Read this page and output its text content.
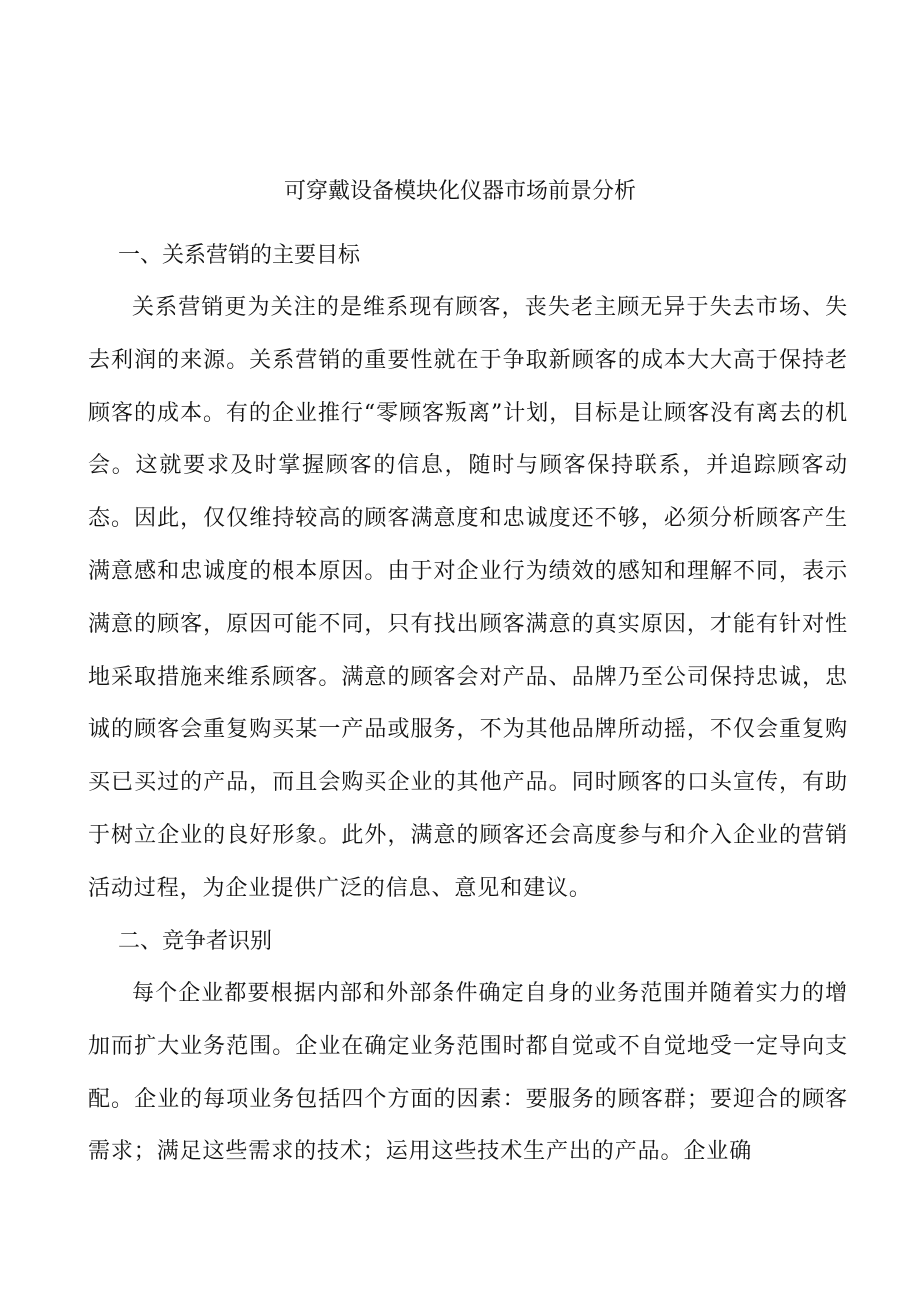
可穿戴设备模块化仪器市场前景分析
一、关系营销的主要目标

关系营销更为关注的是维系现有顾客，丧失老主顾无异于失去市场、失去利润的来源。关系营销的重要性就在于争取新顾客的成本大大高于保持老顾客的成本。有的企业推行“零顾客叛离”计划，目标是让顾客没有离去的机会。这就要求及时掌握顾客的信息，随时与顾客保持联系，并追踪顾客动态。因此，仅仅维持较高的顾客满意度和忠诚度还不够，必须分析顾客产生满意感和忠诚度的根本原因。由于对企业行为绩效的感知和理解不同，表示满意的顾客，原因可能不同，只有找出顾客满意的真实原因，才能有针对性地采取措施来维系顾客。满意的顾客会对产品、品牌乃至公司保持忠诚，忠诚的顾客会重复购买某一产品或服务，不为其他品牌所动摇，不仅会重复购买已买过的产品，而且会购买企业的其他产品。同时顾客的口头宣传，有助于树立企业的良好形象。此外，满意的顾客还会高度参与和介入企业的营销活动过程，为企业提供广泛的信息、意见和建议。

二、竞争者识别

每个企业都要根据内部和外部条件确定自身的业务范围并随着实力的增加而扩大业务范围。企业在确定业务范围时都自觉或不自觉地受一定导向支配。企业的每项业务包括四个方面的因素：要服务的顾客群；要迎合的顾客需求；满足这些需求的技术；运用这些技术生产出的产品。企业确
